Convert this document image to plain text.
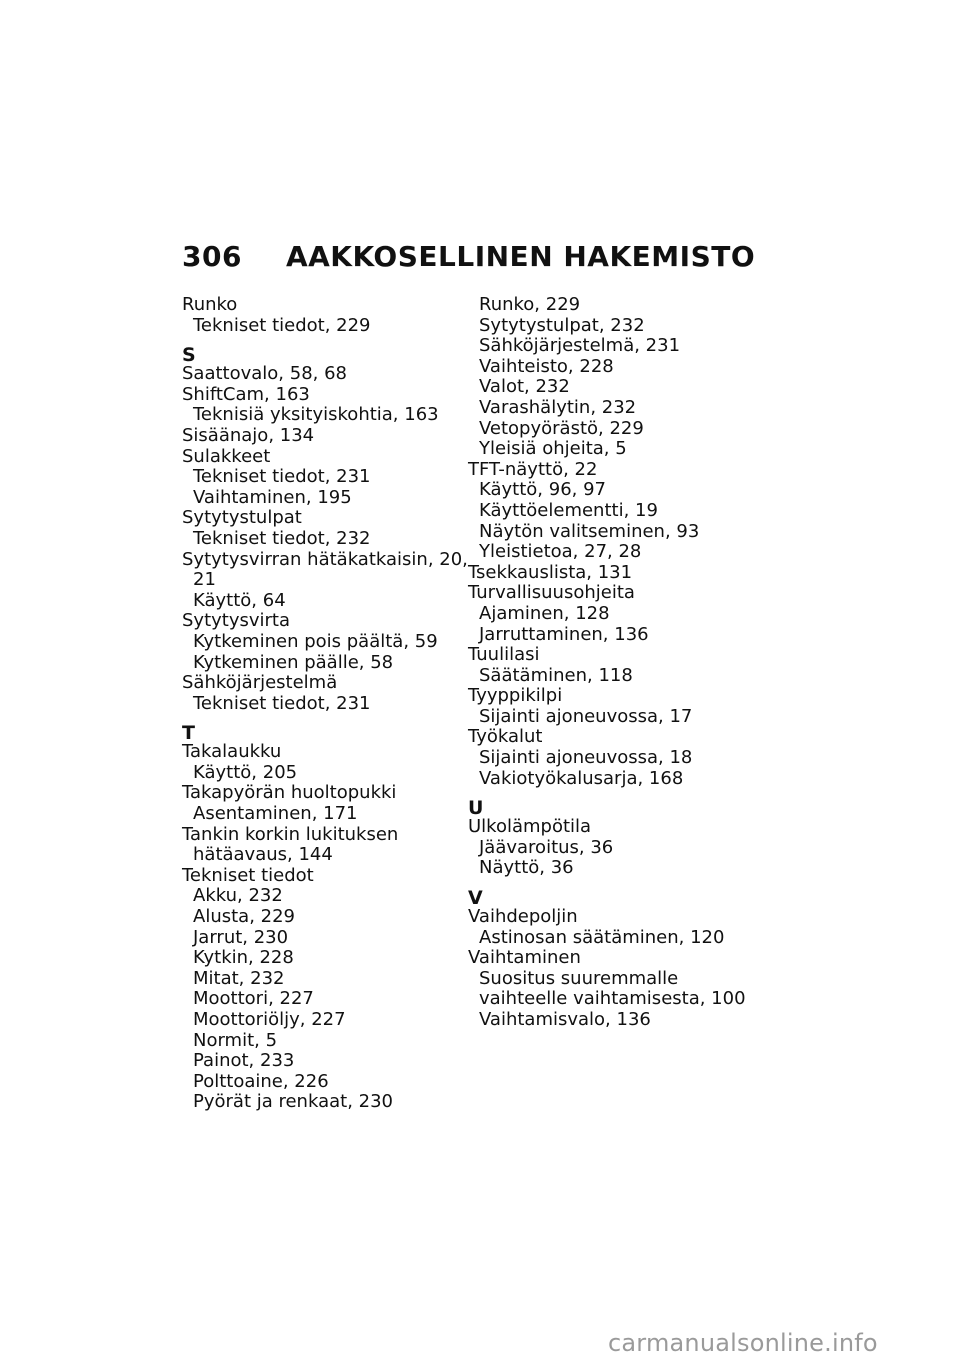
306 AAKKOSELLINEN HAKEMISTO

Runko

Tekniset tiedot, 229

S

Saattovalo, 58, 68

ShiftCam, 163

Teknisiä yksityiskohtia, 163

Sisäänajo, 134

Sulakkeet

Tekniset tiedot, 231

Vaihtaminen, 195

Sytytystulpat

Tekniset tiedot, 232

Sytytysvirran hätäkatkaisin, 20,

21

Käyttö, 64

Sytytysvirta

Kytkeminen pois päältä, 59

Kytkeminen päälle, 58

Sähköjärjestelmä

Tekniset tiedot, 231

T

Takalaukku

Käyttö, 205

Takapyörän huoltopukki

Asentaminen, 171

Tankin korkin lukituksen

hätäavaus, 144

Tekniset tiedot

Akku, 232

Alusta, 229

Jarrut, 230

Kytkin, 228

Mitat, 232

Moottori, 227

Moottoriöljy, 227

Normit, 5

Painot, 233

Polttoaine, 226

Pyörät ja renkaat, 230

Runko, 229

Sytytystulpat, 232

Sähköjärjestelmä, 231

Vaihteisto, 228

Valot, 232

Varashälytin, 232

Vetopyörästö, 229

Yleisiä ohjeita, 5

TFT-näyttö, 22

Käyttö, 96, 97

Käyttöelementti, 19

Näytön valitseminen, 93

Yleistietoa, 27, 28

Tsekkauslista, 131

Turvallisuusohjeita

Ajaminen, 128

Jarruttaminen, 136

Tuulilasi

Säätäminen, 118

Tyyppikilpi

Sijainti ajoneuvossa, 17

Työkalut

Sijainti ajoneuvossa, 18

Vakiotyökalusarja, 168

U

Ulkolämpötila

Jäävaroitus, 36

Näyttö, 36

V

Vaihdepoljin

Astinosan säätäminen, 120

Vaihtaminen

Suositus suuremmalle

vaihteelle vaihtamisesta, 100

Vaihtamisvalo, 136

carmanualsonline.info
